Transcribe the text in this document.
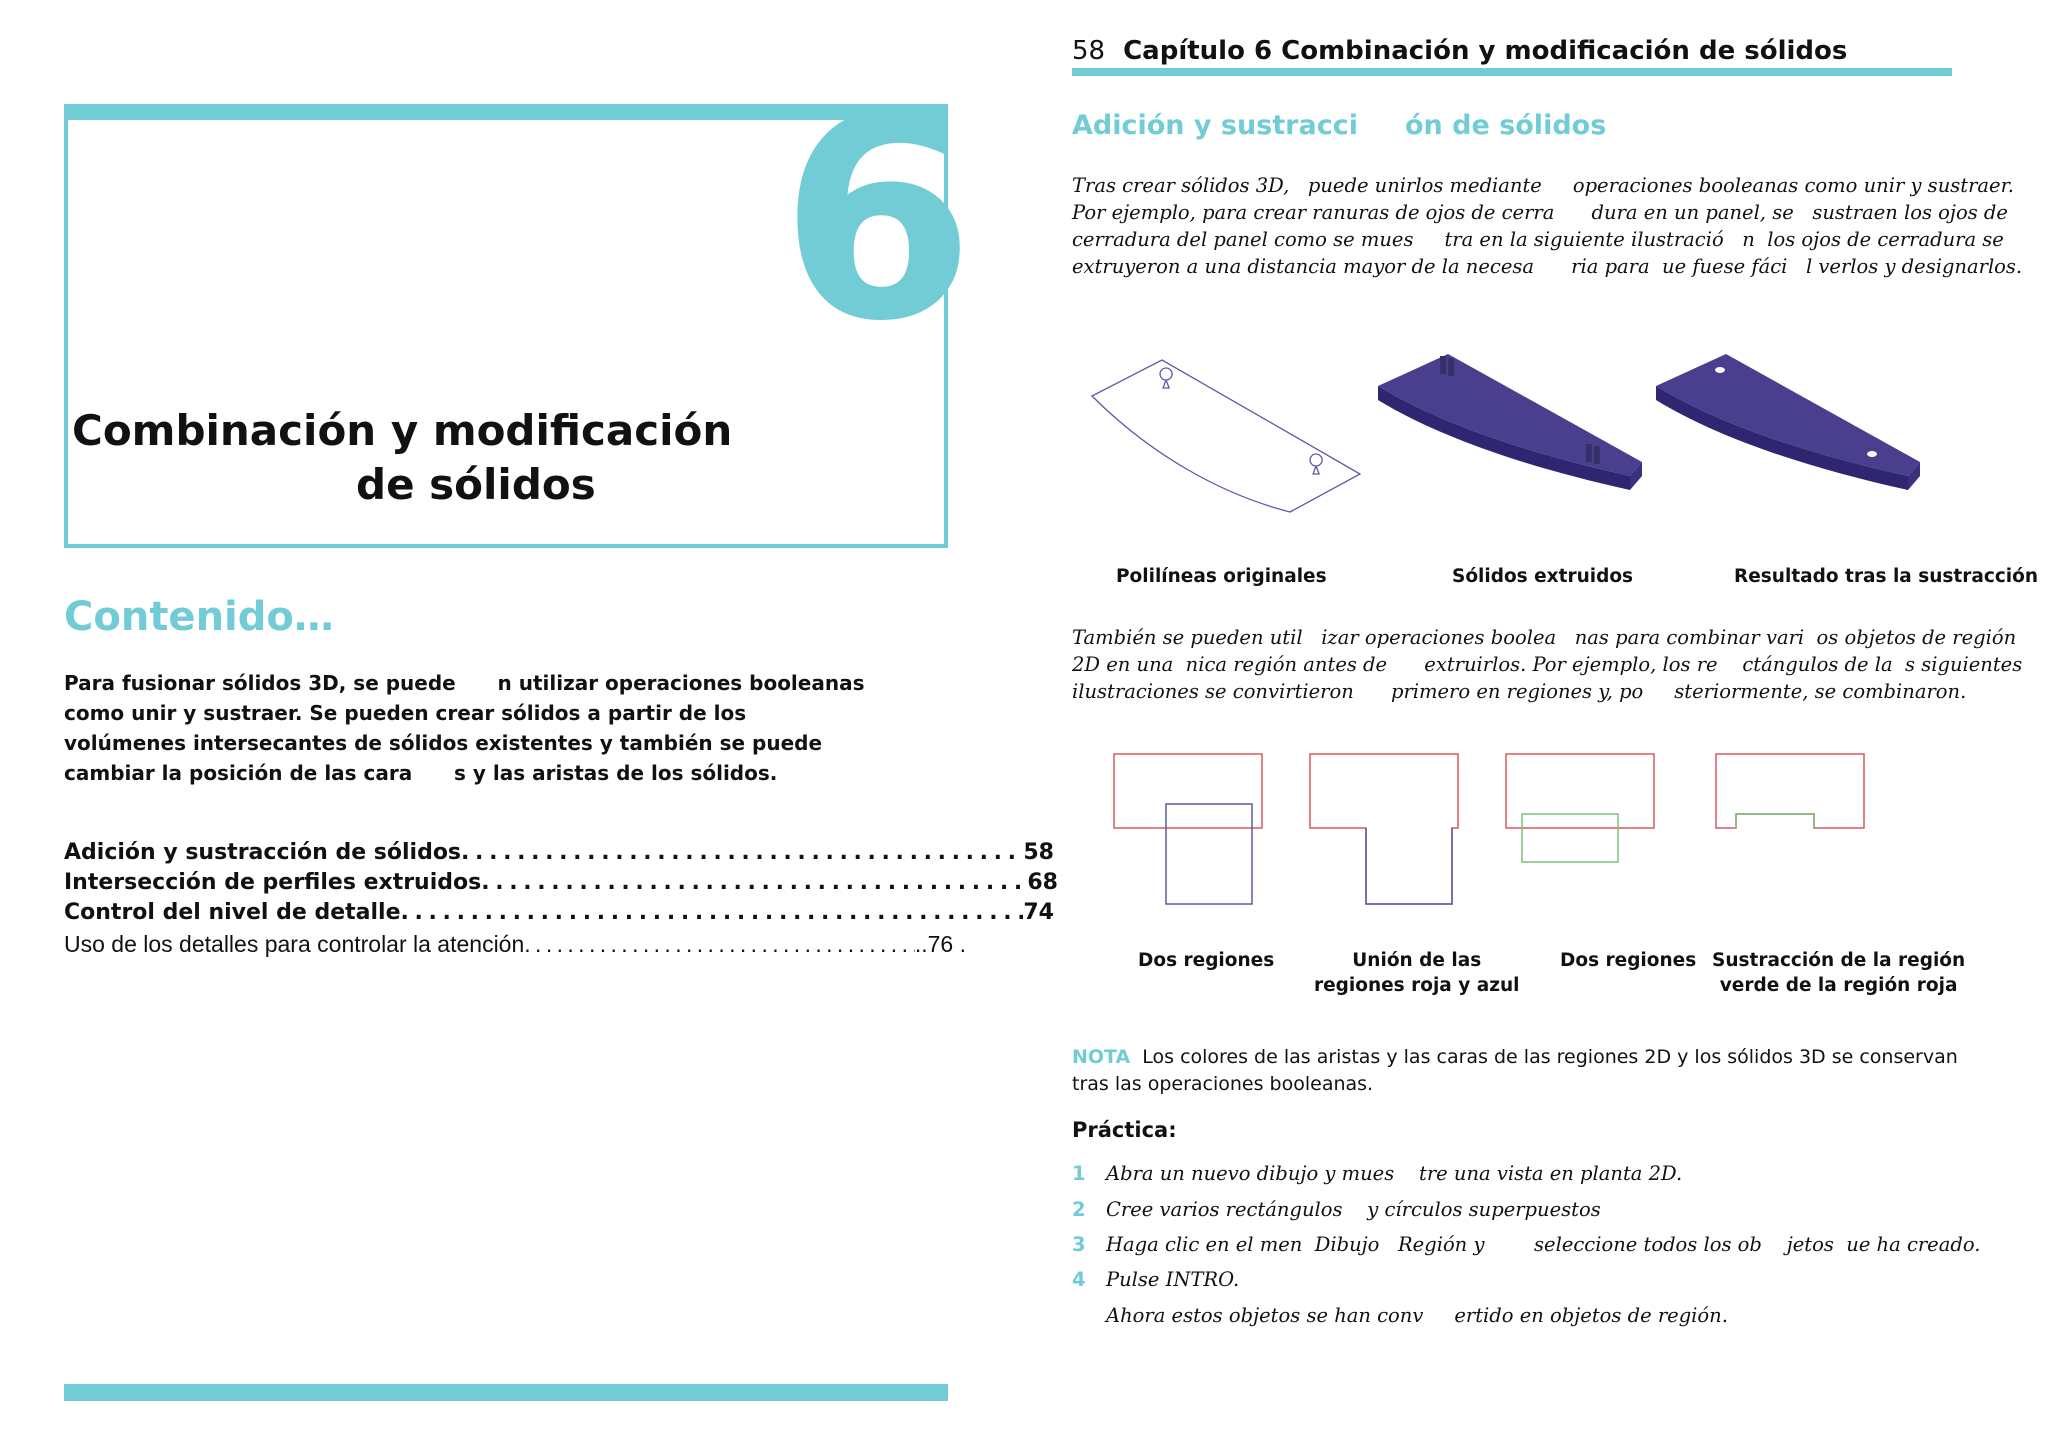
6
Combinación y modificación
de sólidos
Contenido…
Para fusionar sólidos 3D, se puede      n utilizar operaciones booleanas
como unir y sustraer. Se pueden crear sólidos a partir de los
volúmenes intersecantes de sólidos existentes y también se puede
cambiar la posición de las cara      s y las aristas de los sólidos.
Adición y sustracción de sólidos . . .	58
Intersección de perfiles extruidos . . .	68
Control del nivel de detalle . . .	74
Uso de los detalles para controlar la atención . . .	..76 .
58 Capítulo 6 Combinación y modificación de sólidos
Adición y sustracci     ón de sólidos
Tras crear sólidos 3D,   puede unirlos mediante     operaciones booleanas como unir y sustraer.
Por ejemplo, para crear ranuras de ojos de cerra      dura en un panel, se   sustraen los ojos de
cerradura del panel como se mues     tra en la siguiente ilustració   n  los ojos de cerradura se
extruyeron a una distancia mayor de la necesa      ria para  ue fuese fáci   l verlos y designarlos.
Polilíneas originales	Sólidos extruidos	Resultado tras la sustracción
También se pueden util   izar operaciones boolea   nas para combinar vari  os objetos de región
2D en una  nica región antes de      extruirlos. Por ejemplo, los re    ctángulos de la  s siguientes
ilustraciones se convirtieron      primero en regiones y, po     steriormente, se combinaron.
Dos regiones	Unión de las
regiones roja y azul
Dos regiones Sustracción de la región
verde de la región roja
NOTA Los colores de las aristas y las caras de las regiones 2D y los sólidos 3D se conservan tras las operaciones booleanas.
Práctica:
1 Abra un nuevo dibujo y mues    tre una vista en planta 2D.
2 Cree varios rectángulos    y círculos superpuestos
3 Haga clic en el men  Dibujo   Región y        seleccione todos los ob    jetos  ue ha creado.
4 Pulse INTRO.
Ahora estos objetos se han conv     ertido en objetos de región.
